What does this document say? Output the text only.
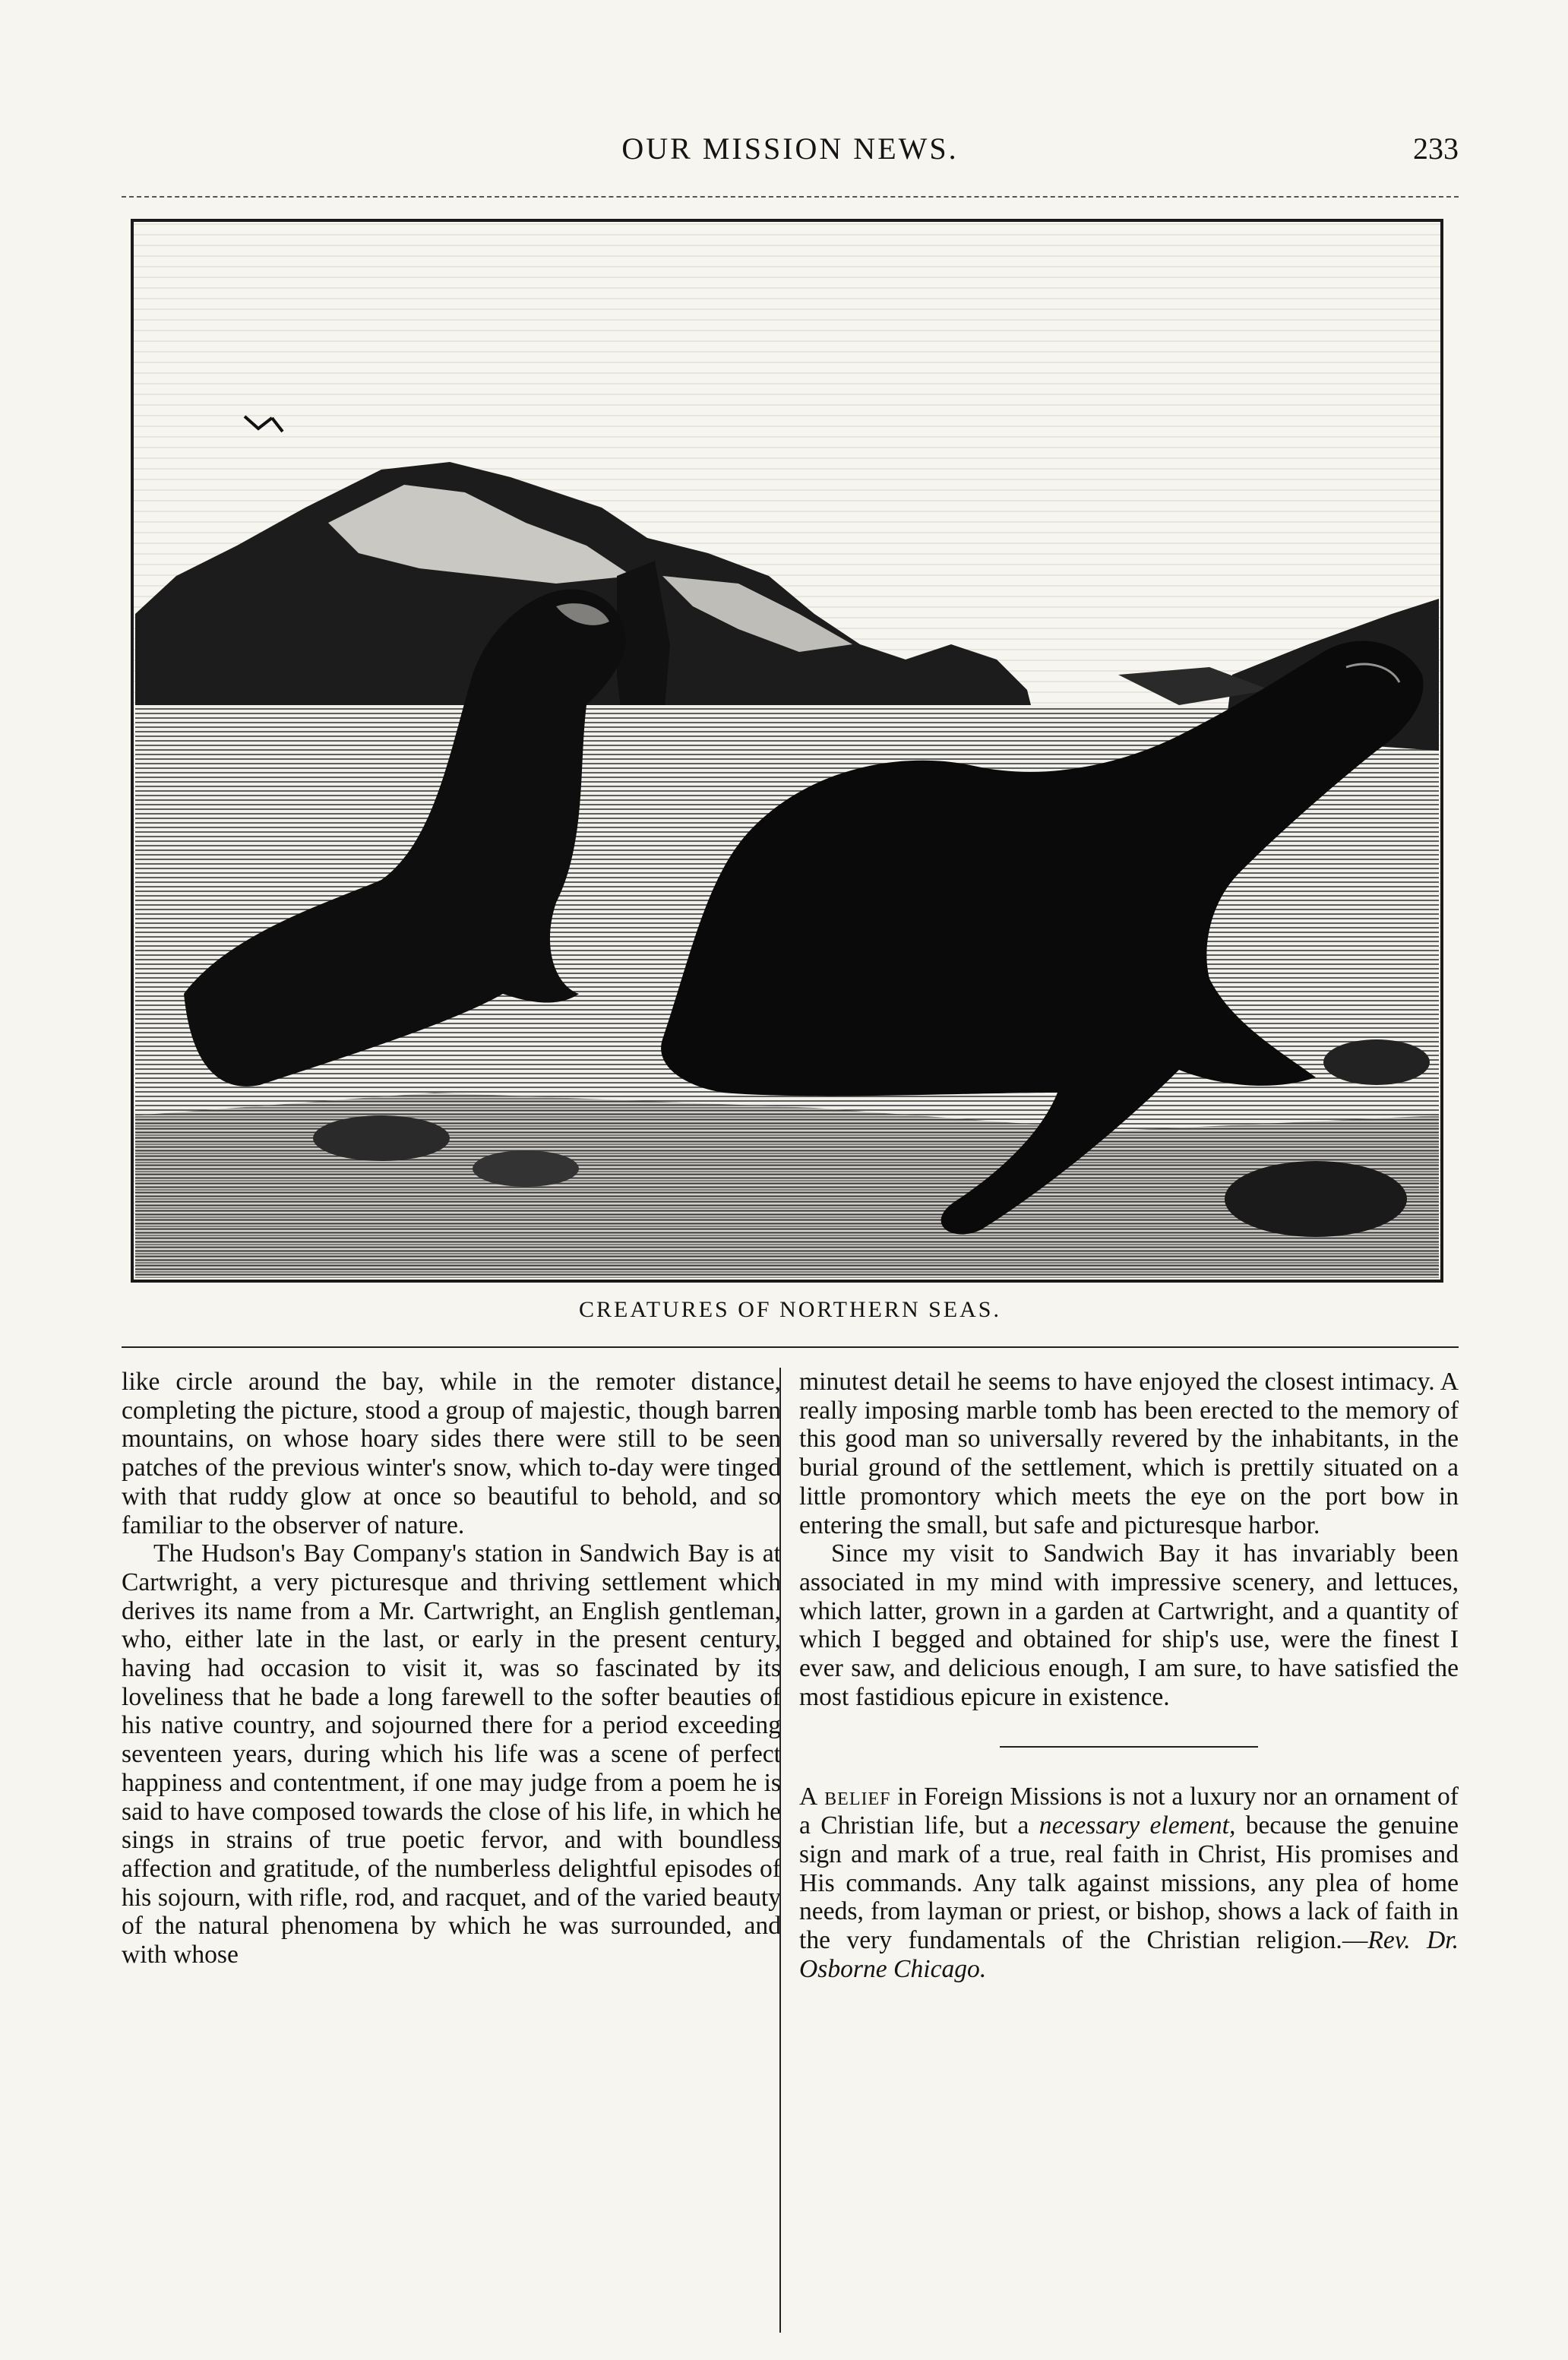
OUR MISSION NEWS.	233
CREATURES OF NORTHERN SEAS.

like circle around the bay, while in the remoter distance, completing the picture, stood a group of majestic, though barren mountains, on whose hoary sides there were still to be seen patches of the previous winter's snow, which to-day were tinged with that ruddy glow at once so beautiful to behold, and so familiar to the observer of nature.

The Hudson's Bay Company's station in Sandwich Bay is at Cartwright, a very picturesque and thriving settlement which derives its name from a Mr. Cartwright, an English gentleman, who, either late in the last, or early in the present century, having had occasion to visit it, was so fascinated by its loveliness that he bade a long farewell to the softer beauties of his native country, and sojourned there for a period exceeding seventeen years, during which his life was a scene of perfect happiness and contentment, if one may judge from a poem he is said to have composed towards the close of his life, in which he sings in strains of true poetic fervor, and with boundless affection and gratitude, of the numberless delightful episodes of his sojourn, with rifle, rod, and racquet, and of the varied beauty of the natural phenomena by which he was surrounded, and with whose

minutest detail he seems to have enjoyed the closest intimacy. A really imposing marble tomb has been erected to the memory of this good man so universally revered by the inhabitants, in the burial ground of the settlement, which is prettily situated on a little promontory which meets the eye on the port bow in entering the small, but safe and picturesque harbor.

Since my visit to Sandwich Bay it has invariably been associated in my mind with impressive scenery, and lettuces, which latter, grown in a garden at Cartwright, and a quantity of which I begged and obtained for ship's use, were the finest I ever saw, and delicious enough, I am sure, to have satisfied the most fastidious epicure in existence.

A belief in Foreign Missions is not a luxury nor an ornament of a Christian life, but a necessary element, because the genuine sign and mark of a true, real faith in Christ, His promises and His commands. Any talk against missions, any plea of home needs, from layman or priest, or bishop, shows a lack of faith in the very fundamentals of the Christian religion.—Rev. Dr. Osborne Chicago.
